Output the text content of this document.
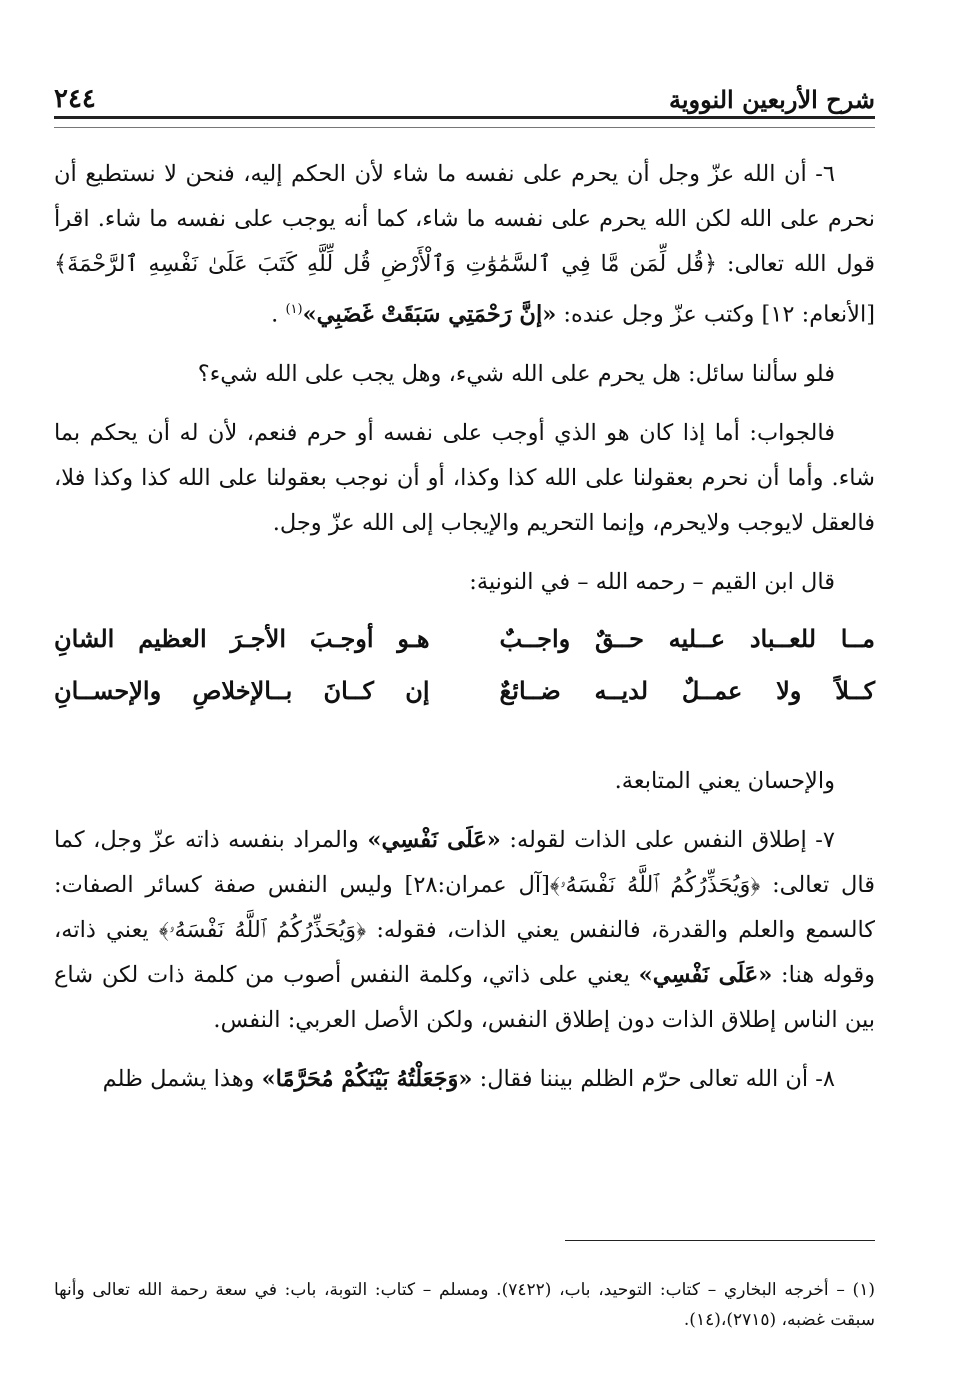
شرح الأربعين النووية
٢٤٤

٦- أن الله عزّ وجل أن يحرم على نفسه ما شاء لأن الحكم إليه، فنحن لا نستطيع أن نحرم على الله لكن الله يحرم على نفسه ما شاء، كما أنه يوجب على نفسه ما شاء. اقرأ قول الله تعالى: ﴿قُل لِّمَن مَّا فِي ٱلسَّمَٰوَٰتِ وَٱلْأَرْضِ قُل لِّلَّهِ كَتَبَ عَلَىٰ نَفْسِهِ ٱلرَّحْمَةَ﴾ [الأنعام: ١٢] وكتب عزّ وجل عنده: «إنَّ رَحْمَتِي سَبَقَتْ غَضَبِي»$^{(١)}$ .

فلو سألنا سائل: هل يحرم على الله شيء، وهل يجب على الله شيء؟

فالجواب: أما إذا كان هو الذي أوجب على نفسه أو حرم فنعم، لأن له أن يحكم بما شاء. وأما أن نحرم بعقولنا على الله كذا وكذا، أو أن نوجب بعقولنا على الله كذا وكذا فلا، فالعقل لايوجب ولايحرم، وإنما التحريم والإيجاب إلى الله عزّ وجل.

قال ابن القيم – رحمه الله – في النونية:

مــا للعــباد عــليه حــقٌ واجــبٌ
هـو أوجـبَ الأجـرَ العظيم الشانِ
كــلاً ولا عمــلٌ لديــه ضــائعٌ
إن كــانَ بــالإخلاصِ والإحســانِ

والإحسان يعني المتابعة.

٧- إطلاق النفس على الذات لقوله: «عَلَى نَفْسِي» والمراد بنفسه ذاته عزّ وجل، كما قال تعالى: ﴿وَيُحَذِّرُكُمُ ٱللَّهُ نَفْسَهُۥ﴾[آل عمران:٢٨] وليس النفس صفة كسائر الصفات: كالسمع والعلم والقدرة، فالنفس يعني الذات، فقوله: ﴿وَيُحَذِّرُكُمُ ٱللَّهُ نَفْسَهُۥ﴾ يعني ذاته، وقوله هنا: «عَلَى نَفْسِي» يعني على ذاتي، وكلمة النفس أصوب من كلمة ذات لكن شاع بين الناس إطلاق الذات دون إطلاق النفس، ولكن الأصل العربي: النفس.

٨- أن الله تعالى حرّم الظلم بيننا فقال: «وَجَعَلْتُهُ بَيْنَكُمْ مُحَرَّمًا» وهذا يشمل ظلم

(١) – أخرجه البخاري – كتاب: التوحيد، باب، (٧٤٢٢). ومسلم – كتاب: التوبة، باب: في سعة رحمة الله تعالى وأنها سبقت غضبه، (٢٧١٥)،(١٤).
